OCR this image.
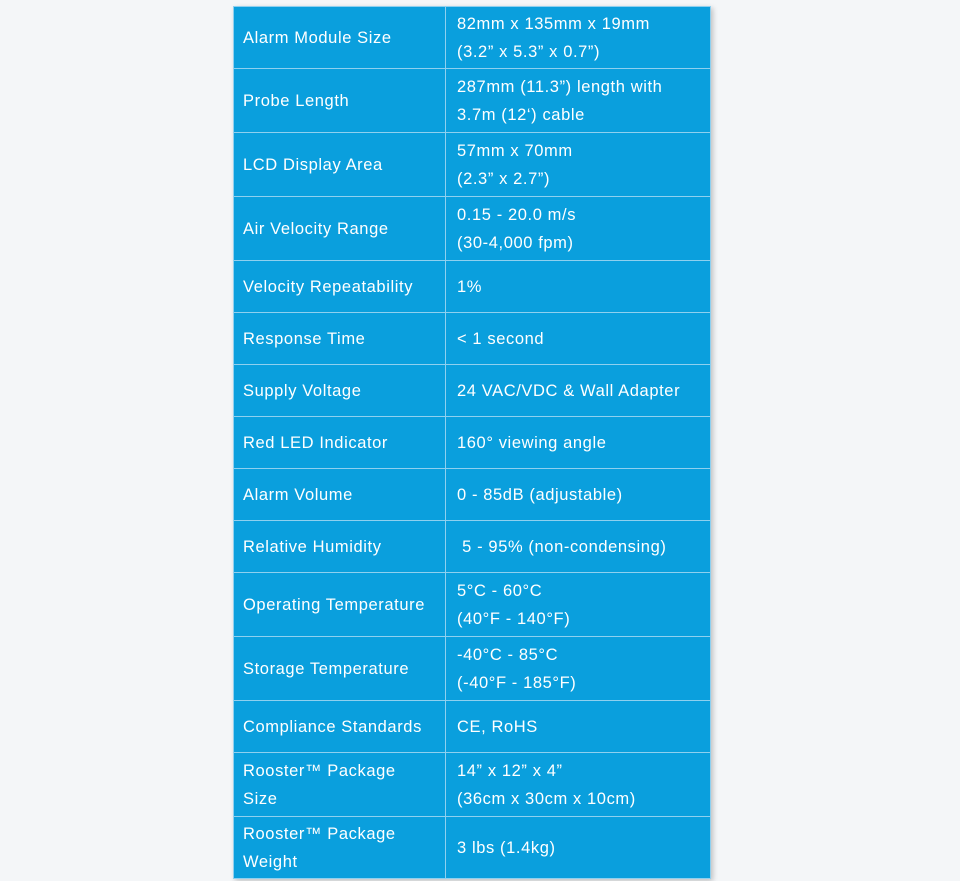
Alarm Module Size	82mm x 135mm x 19mm
(3.2” x 5.3” x 0.7”)
Probe Length	287mm (11.3”) length with
3.7m (12‘) cable
LCD Display Area	57mm x 70mm
(2.3” x 2.7”)
Air Velocity Range	0.15 - 20.0 m/s
(30-4,000 fpm)
Velocity Repeatability	1%
Response Time	< 1 second
Supply Voltage	24 VAC/VDC & Wall Adapter
Red LED Indicator	160° viewing angle
Alarm Volume	0 - 85dB (adjustable)
Relative Humidity	5 - 95% (non-condensing)
Operating Temperature	5°C - 60°C
(40°F - 140°F)
Storage Temperature	-40°C - 85°C
(-40°F - 185°F)
Compliance Standards	CE, RoHS
Rooster™ Package
Size	14” x 12” x 4”
(36cm x 30cm x 10cm)
Rooster™ Package
Weight	3 lbs (1.4kg)
